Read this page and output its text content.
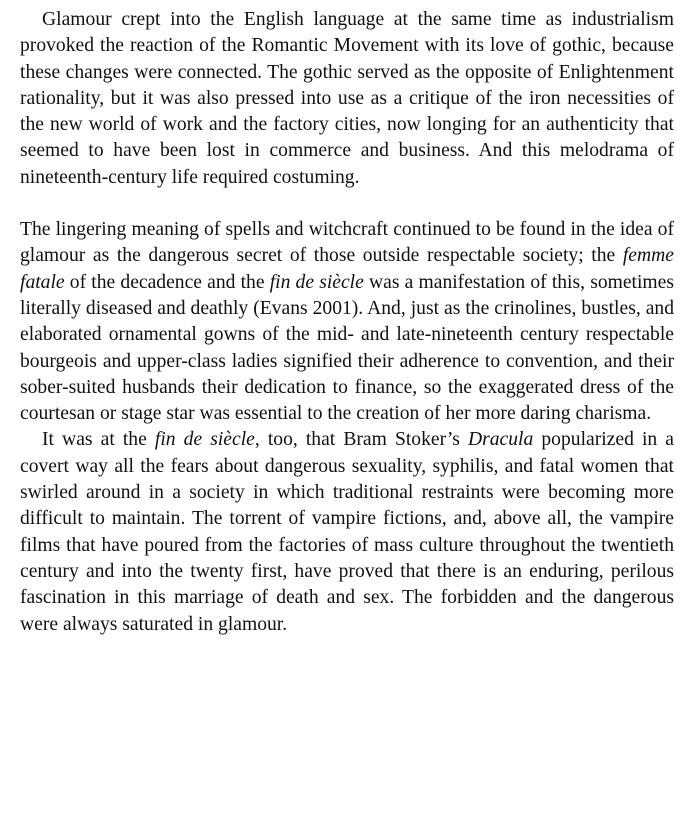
Glamour crept into the English language at the same time as industrialism provoked the reaction of the Romantic Movement with its love of gothic, because these changes were connected. The gothic served as the opposite of Enlightenment rationality, but it was also pressed into use as a critique of the iron necessities of the new world of work and the factory cities, now longing for an authenticity that seemed to have been lost in commerce and business. And this melodrama of nineteenth-century life required costuming.

The lingering meaning of spells and witchcraft continued to be found in the idea of glamour as the dangerous secret of those outside respectable society; the femme fatale of the decadence and the fin de siècle was a manifestation of this, sometimes literally diseased and deathly (Evans 2001). And, just as the crinolines, bustles, and elaborated ornamental gowns of the mid- and late-nineteenth century respectable bourgeois and upper-class ladies signified their adherence to convention, and their sober-suited husbands their dedication to finance, so the exaggerated dress of the courtesan or stage star was essential to the creation of her more daring charisma.

It was at the fin de siècle, too, that Bram Stoker’s Dracula popularized in a covert way all the fears about dangerous sexuality, syphilis, and fatal women that swirled around in a society in which traditional restraints were becoming more difficult to maintain. The torrent of vampire fictions, and, above all, the vampire films that have poured from the factories of mass culture throughout the twentieth century and into the twenty first, have proved that there is an enduring, perilous fascination in this marriage of death and sex. The forbidden and the dangerous were always saturated in glamour.
